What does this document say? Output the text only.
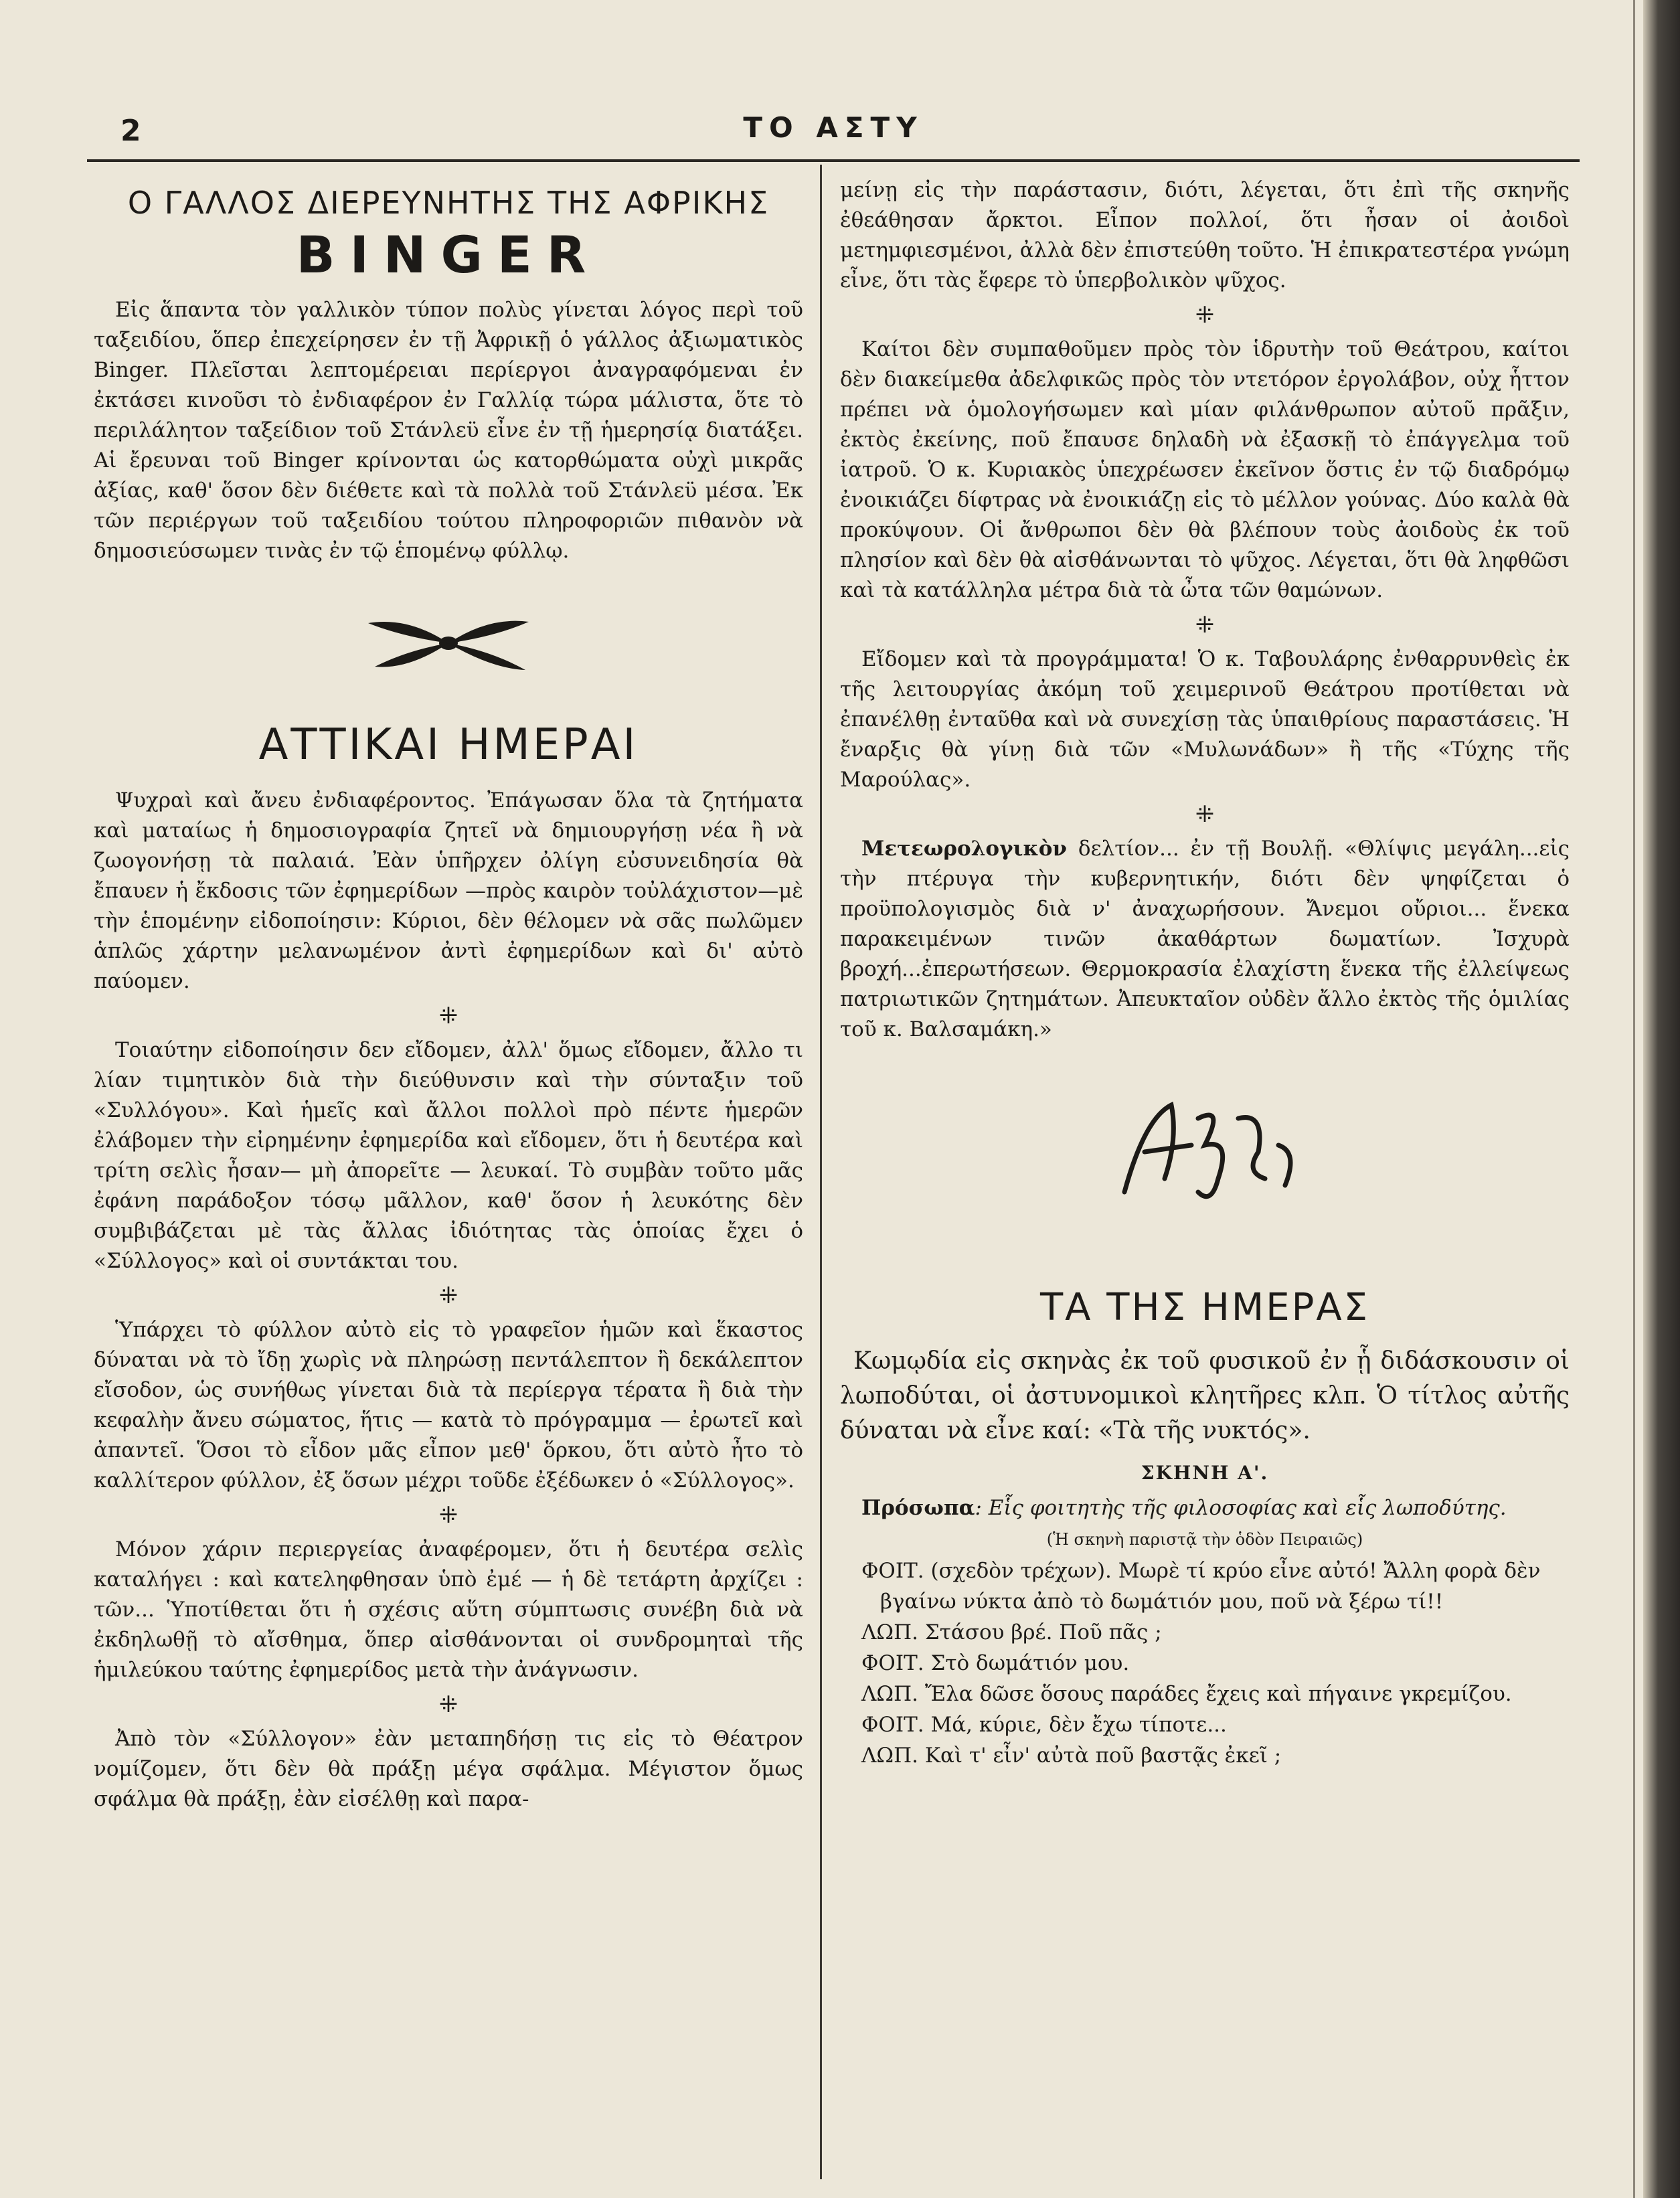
2	ΤΟ ΑΣΤΥ
Ο ΓΑΛΛΟΣ ΔΙΕΡΕΥΝΗΤΗΣ ΤΗΣ ΑΦΡΙΚΗΣ
BINGER

Εἰς ἅπαντα τὸν γαλλικὸν τύπον πολὺς γίνεται λόγος περὶ τοῦ ταξειδίου, ὅπερ ἐπεχείρησεν ἐν τῇ Ἀφρικῇ ὁ γάλλος ἀξιωματικὸς Binger. Πλεῖσται λεπτομέρειαι περίεργοι ἀναγραφόμεναι ἐν ἐκτάσει κινοῦσι τὸ ἐνδιαφέρον ἐν Γαλλίᾳ τώρα μάλιστα, ὅτε τὸ περιλάλητον ταξείδιον τοῦ Στάνλεϋ εἶνε ἐν τῇ ἡμερησίᾳ διατάξει. Αἱ ἔρευναι τοῦ Binger κρίνονται ὡς κατορθώματα οὐχὶ μικρᾶς ἀξίας, καθ' ὅσον δὲν διέθετε καὶ τὰ πολλὰ τοῦ Στάνλεϋ μέσα. Ἐκ τῶν περιέργων τοῦ ταξειδίου τούτου πληροφοριῶν πιθανὸν νὰ δημοσιεύσωμεν τινὰς ἐν τῷ ἑπομένῳ φύλλῳ.

ΑΤΤΙΚΑΙ ΗΜΕΡΑΙ

Ψυχραὶ καὶ ἄνευ ἐνδιαφέροντος. Ἐπάγωσαν ὅλα τὰ ζητήματα καὶ ματαίως ἡ δημοσιογραφία ζητεῖ νὰ δημιουργήσῃ νέα ἢ νὰ ζωογονήσῃ τὰ παλαιά. Ἐὰν ὑπῆρχεν ὀλίγη εὐσυνειδησία θὰ ἔπαυεν ἡ ἔκδοσις τῶν ἐφημερίδων —πρὸς καιρὸν τοὐλάχιστον—μὲ τὴν ἑπομένην εἰδοποίησιν: Κύριοι, δὲν θέλομεν νὰ σᾶς πωλῶμεν ἁπλῶς χάρτην μελανωμένον ἀντὶ ἐφημερίδων καὶ δι' αὐτὸ παύομεν.

⁜

Τοιαύτην εἰδοποίησιν δεν εἴδομεν, ἀλλ' ὅμως εἴδομεν, ἄλλο τι λίαν τιμητικὸν διὰ τὴν διεύθυνσιν καὶ τὴν σύνταξιν τοῦ «Συλλόγου». Καὶ ἡμεῖς καὶ ἄλλοι πολλοὶ πρὸ πέντε ἡμερῶν ἐλάβομεν τὴν εἰρημένην ἐφημερίδα καὶ εἴδομεν, ὅτι ἡ δευτέρα καὶ τρίτη σελὶς ἦσαν— μὴ ἀπορεῖτε — λευκαί. Τὸ συμβὰν τοῦτο μᾶς ἐφάνη παράδοξον τόσῳ μᾶλλον, καθ' ὅσον ἡ λευκότης δὲν συμβιβάζεται μὲ τὰς ἄλλας ἰδιότητας τὰς ὁποίας ἔχει ὁ «Σύλλογος» καὶ οἱ συντάκται του.

⁜

Ὑπάρχει τὸ φύλλον αὐτὸ εἰς τὸ γραφεῖον ἡμῶν καὶ ἕκαστος δύναται νὰ τὸ ἴδῃ χωρὶς νὰ πληρώσῃ πεντάλεπτον ἢ δεκάλεπτον εἴσοδον, ὡς συνήθως γίνεται διὰ τὰ περίεργα τέρατα ἢ διὰ τὴν κεφαλὴν ἄνευ σώματος, ἥτις — κατὰ τὸ πρόγραμμα — ἐρωτεῖ καὶ ἀπαντεῖ. Ὅσοι τὸ εἶδον μᾶς εἶπον μεθ' ὅρκου, ὅτι αὐτὸ ἦτο τὸ καλλίτερον φύλλον, ἐξ ὅσων μέχρι τοῦδε ἐξέδωκεν ὁ «Σύλλογος».

⁜

Μόνον χάριν περιεργείας ἀναφέρομεν, ὅτι ἡ δευτέρα σελὶς καταλήγει : καὶ κατεληφθησαν ὑπὸ ἐμέ — ἡ δὲ τετάρτη ἀρχίζει : τῶν... Ὑποτίθεται ὅτι ἡ σχέσις αὕτη σύμπτωσις συνέβη διὰ νὰ ἐκδηλωθῇ τὸ αἴσθημα, ὅπερ αἰσθάνονται οἱ συνδρομηταὶ τῆς ἡμιλεύκου ταύτης ἐφημερίδος μετὰ τὴν ἀνάγνωσιν.

⁜

Ἀπὸ τὸν «Σύλλογον» ἐὰν μεταπηδήσῃ τις εἰς τὸ Θέατρον νομίζομεν, ὅτι δὲν θὰ πράξῃ μέγα σφάλμα. Μέγιστον ὅμως σφάλμα θὰ πράξῃ, ἐὰν εἰσέλθῃ καὶ παρα-

μείνῃ εἰς τὴν παράστασιν, διότι, λέγεται, ὅτι ἐπὶ τῆς σκηνῆς ἐθεάθησαν ἄρκτοι. Εἶπον πολλοί, ὅτι ἦσαν οἱ ἀοιδοὶ μετημφιεσμένοι, ἀλλὰ δὲν ἐπιστεύθη τοῦτο. Ἡ ἐπικρατεστέρα γνώμη εἶνε, ὅτι τὰς ἔφερε τὸ ὑπερβολικὸν ψῦχος.

⁜

Καίτοι δὲν συμπαθοῦμεν πρὸς τὸν ἱδρυτὴν τοῦ Θεάτρου, καίτοι δὲν διακείμεθα ἀδελφικῶς πρὸς τὸν ντετόρον ἐργολάβον, οὐχ ἧττον πρέπει νὰ ὁμολογήσωμεν καὶ μίαν φιλάνθρωπον αὐτοῦ πρᾶξιν, ἐκτὸς ἐκείνης, ποῦ ἔπαυσε δηλαδὴ νὰ ἐξασκῇ τὸ ἐπάγγελμα τοῦ ἰατροῦ. Ὁ κ. Κυριακὸς ὑπεχρέωσεν ἐκεῖνον ὅστις ἐν τῷ διαδρόμῳ ἐνοικιάζει δίφτρας νὰ ἐνοικιάζῃ εἰς τὸ μέλλον γούνας. Δύο καλὰ θὰ προκύψουν. Οἱ ἄνθρωποι δὲν θὰ βλέπουν τοὺς ἀοιδοὺς ἐκ τοῦ πλησίον καὶ δὲν θὰ αἰσθάνωνται τὸ ψῦχος. Λέγεται, ὅτι θὰ ληφθῶσι καὶ τὰ κατάλληλα μέτρα διὰ τὰ ὦτα τῶν θαμώνων.

⁜

Εἴδομεν καὶ τὰ προγράμματα! Ὁ κ. Ταβουλάρης ἐνθαρρυνθεὶς ἐκ τῆς λειτουργίας ἀκόμη τοῦ χειμερινοῦ Θεάτρου προτίθεται νὰ ἐπανέλθῃ ἐνταῦθα καὶ νὰ συνεχίσῃ τὰς ὑπαιθρίους παραστάσεις. Ἡ ἔναρξις θὰ γίνῃ διὰ τῶν «Μυλωνάδων» ἢ τῆς «Τύχης τῆς Μαρούλας».

⁜

Μετεωρολογικὸν δελτίον... ἐν τῇ Βουλῇ. «Θλίψις μεγάλη...εἰς τὴν πτέρυγα τὴν κυβερνητικήν, διότι δὲν ψηφίζεται ὁ προϋπολογισμὸς διὰ ν' ἀναχωρήσουν. Ἄνεμοι οὔριοι... ἕνεκα παρακειμένων τινῶν ἀκαθάρτων δωματίων. Ἰσχυρὰ βροχή...ἐπερωτήσεων. Θερμοκρασία ἐλαχίστη ἕνεκα τῆς ἐλλείψεως πατριωτικῶν ζητημάτων. Ἀπευκταῖον οὐδὲν ἄλλο ἐκτὸς τῆς ὁμιλίας τοῦ κ. Βαλσαμάκη.»

ΤΑ ΤΗΣ ΗΜΕΡΑΣ

Κωμῳδία εἰς σκηνὰς ἐκ τοῦ φυσικοῦ ἐν ᾗ διδάσκουσιν οἱ λωποδύται, οἱ ἀστυνομικοὶ κλητῆρες κλπ. Ὁ τίτλος αὐτῆς δύναται νὰ εἶνε καί: «Τὰ τῆς νυκτός».

ΣΚΗΝΗ Α'.

Πρόσωπα: Εἷς φοιτητὴς τῆς φιλοσοφίας καὶ εἷς λωποδύτης.

(Ἡ σκηνὴ παριστᾷ τὴν ὁδὸν Πειραιῶς)

ΦΟΙΤ. (σχεδὸν τρέχων). Μωρὲ τί κρύο εἶνε αὐτό! Ἄλλη φορὰ δὲν βγαίνω νύκτα ἀπὸ τὸ δωμάτιόν μου, ποῦ νὰ ξέρω τί!!

ΛΩΠ. Στάσου βρέ. Ποῦ πᾶς ;

ΦΟΙΤ. Στὸ δωμάτιόν μου.

ΛΩΠ. Ἔλα δῶσε ὅσους παράδες ἔχεις καὶ πήγαινε γκρεμίζου.

ΦΟΙΤ. Μά, κύριε, δὲν ἔχω τίποτε...

ΛΩΠ. Καὶ τ' εἶν' αὐτὰ ποῦ βαστᾷς ἐκεῖ ;
